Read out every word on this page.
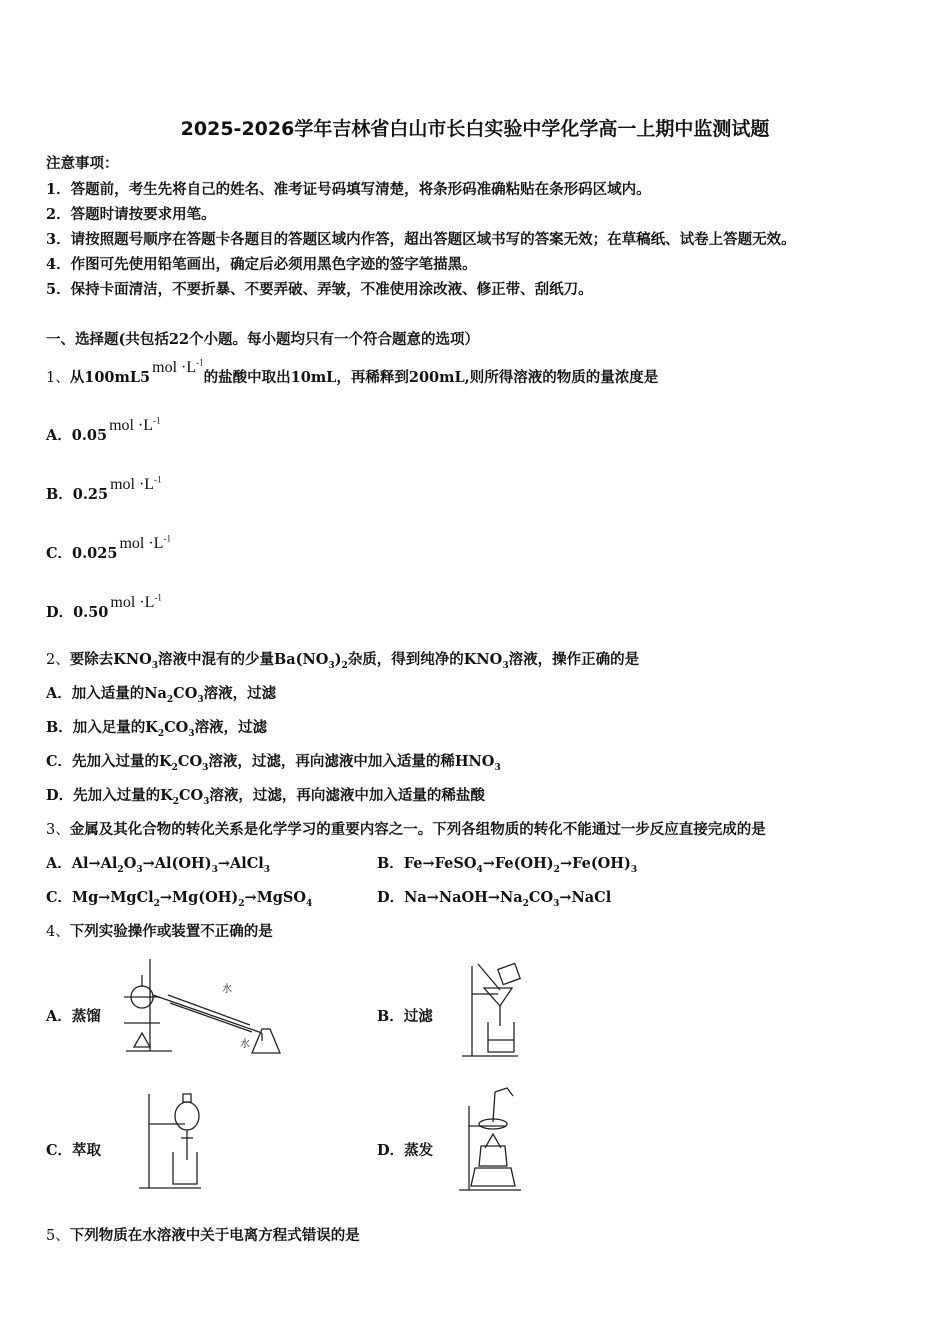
2025-2026学年吉林省白山市长白实验中学化学高一上期中监测试题
注意事项：
1．答题前，考生先将自己的姓名、准考证号码填写清楚，将条形码准确粘贴在条形码区域内。
2．答题时请按要求用笔。
3．请按照题号顺序在答题卡各题目的答题区域内作答，超出答题区域书写的答案无效；在草稿纸、试卷上答题无效。
4．作图可先使用铅笔画出，确定后必须用黑色字迹的签字笔描黑。
5．保持卡面清洁，不要折暴、不要弄破、弄皱，不准使用涂改液、修正带、刮纸刀。
一、选择题(共包括22个小题。每小题均只有一个符合题意的选项）
1、从$100mL5mol \cdot L^{-1}$的盐酸中取出10mL，再稀释到200mL,则所得溶液的物质的量浓度是
A．$0.05mol \cdot L^{-1}$
B．$0.25mol \cdot L^{-1}$
C．$0.025mol \cdot L^{-1}$
D．$0.50mol \cdot L^{-1}$
2、要除去$KNO_3$溶液中混有的少量$Ba(NO_3)_2$杂质，得到纯净的$KNO_3$溶液，操作正确的是
A．加入适量的$Na_2CO_3$溶液，过滤
B．加入足量的$K_2CO_3$溶液，过滤
C．先加入过量的$K_2CO_3$溶液，过滤，再向滤液中加入适量的稀$HNO_3$
D．先加入过量的$K_2CO_3$溶液，过滤，再向滤液中加入适量的稀盐酸
3、金属及其化合物的转化关系是化学学习的重要内容之一。下列各组物质的转化不能通过一步反应直接完成的是
A．$Al\to Al_2O_3\to Al(OH)_3\to AlCl_3$	B．$Fe\to FeSO_4\to Fe(OH)_2\to Fe(OH)_3$
C．$Mg\to MgCl_2\to Mg(OH)_2\to MgSO_4$	D．$Na\to NaOH\to Na_2CO_3\to NaCl$
4、下列实验操作或装置不正确的是
A．蒸馏
水
水
B．过滤
C．萃取	D．蒸发
5、下列物质在水溶液中关于电离方程式错误的是
